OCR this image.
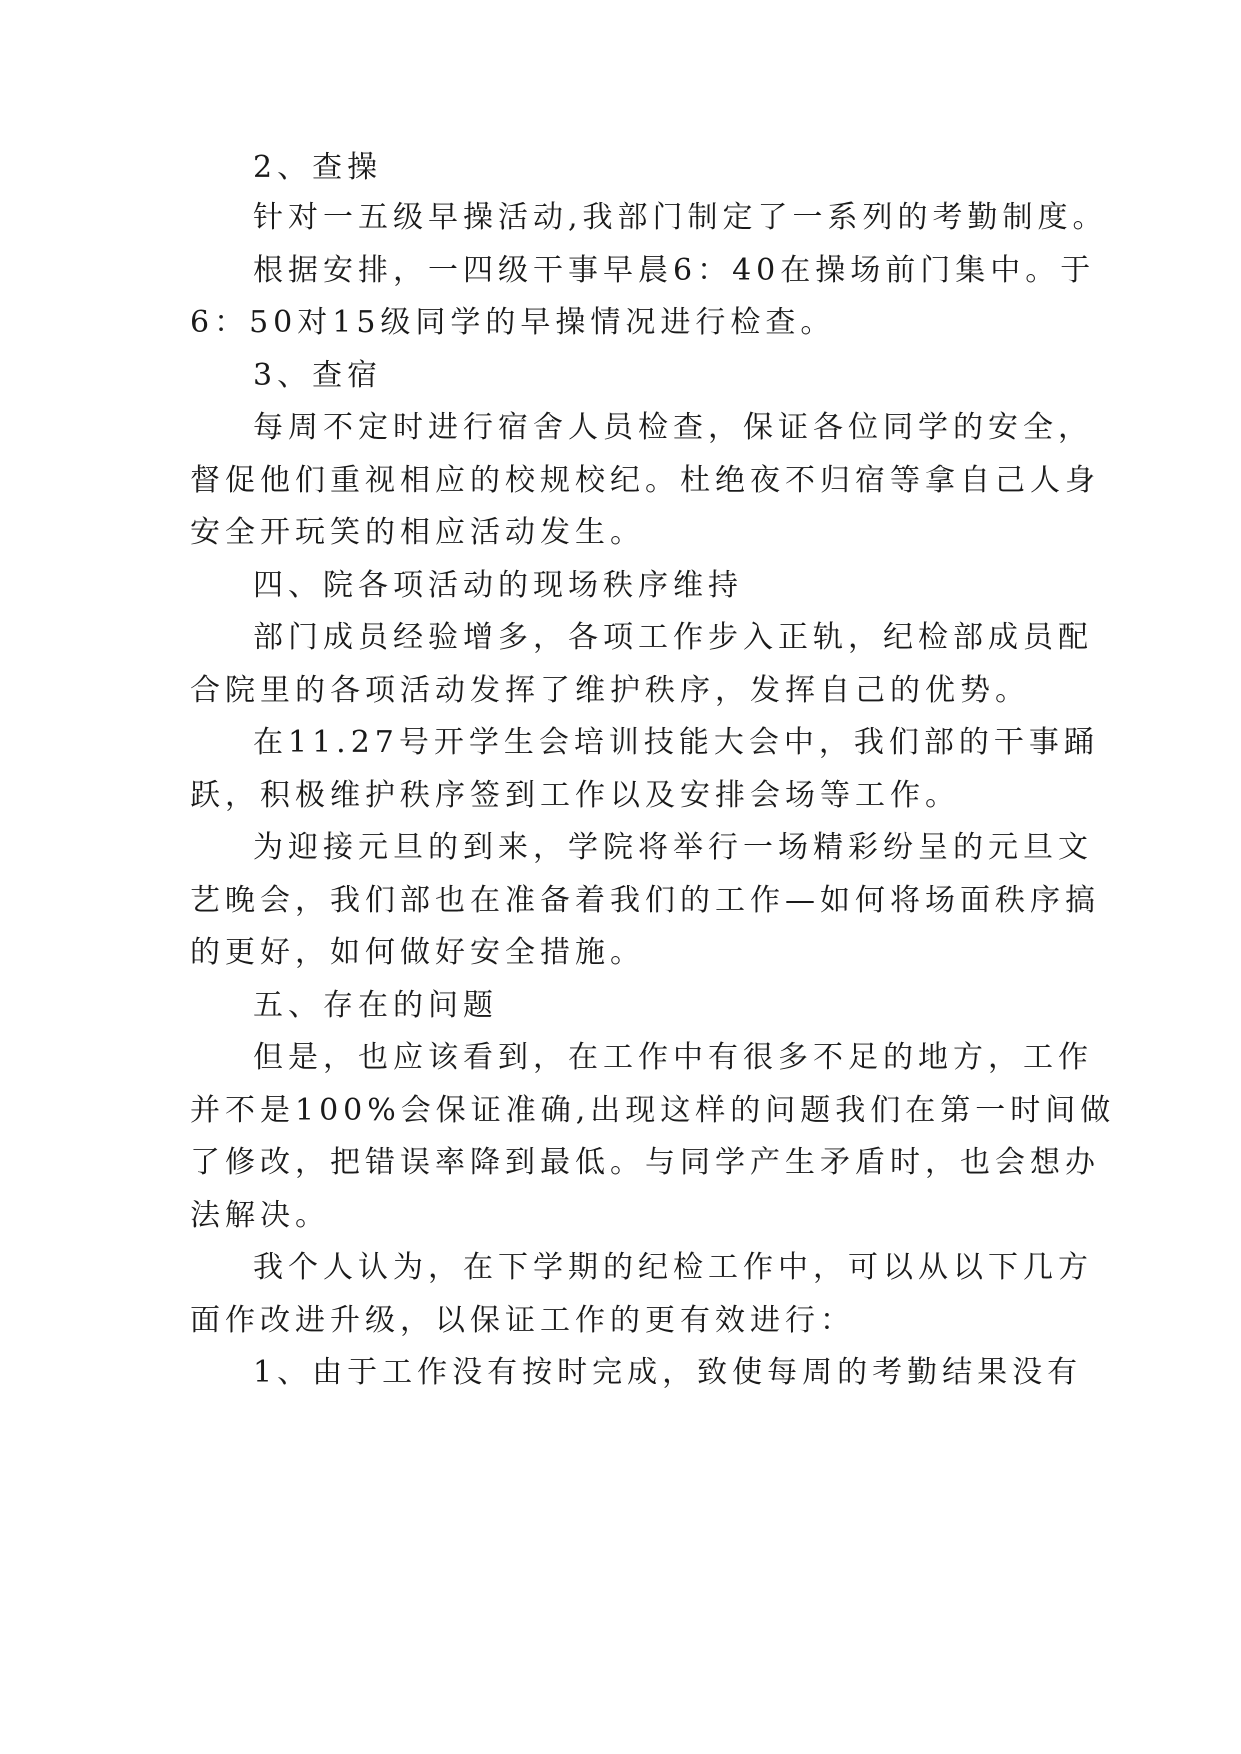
2、查操
针对一五级早操活动,我部门制定了一系列的考勤制度。
根据安排，一四级干事早晨6：40在操场前门集中。于
6：50对15级同学的早操情况进行检查。
3、查宿
每周不定时进行宿舍人员检查，保证各位同学的安全，
督促他们重视相应的校规校纪。杜绝夜不归宿等拿自己人身
安全开玩笑的相应活动发生。
四、院各项活动的现场秩序维持
部门成员经验增多，各项工作步入正轨，纪检部成员配
合院里的各项活动发挥了维护秩序，发挥自己的优势。
在11.27号开学生会培训技能大会中，我们部的干事踊
跃，积极维护秩序签到工作以及安排会场等工作。
为迎接元旦的到来，学院将举行一场精彩纷呈的元旦文
艺晚会，我们部也在准备着我们的工作—如何将场面秩序搞
的更好，如何做好安全措施。
五、存在的问题
但是，也应该看到，在工作中有很多不足的地方，工作
并不是100%会保证准确,出现这样的问题我们在第一时间做
了修改，把错误率降到最低。与同学产生矛盾时，也会想办
法解决。
我个人认为，在下学期的纪检工作中，可以从以下几方
面作改进升级，以保证工作的更有效进行：
1、由于工作没有按时完成，致使每周的考勤结果没有
